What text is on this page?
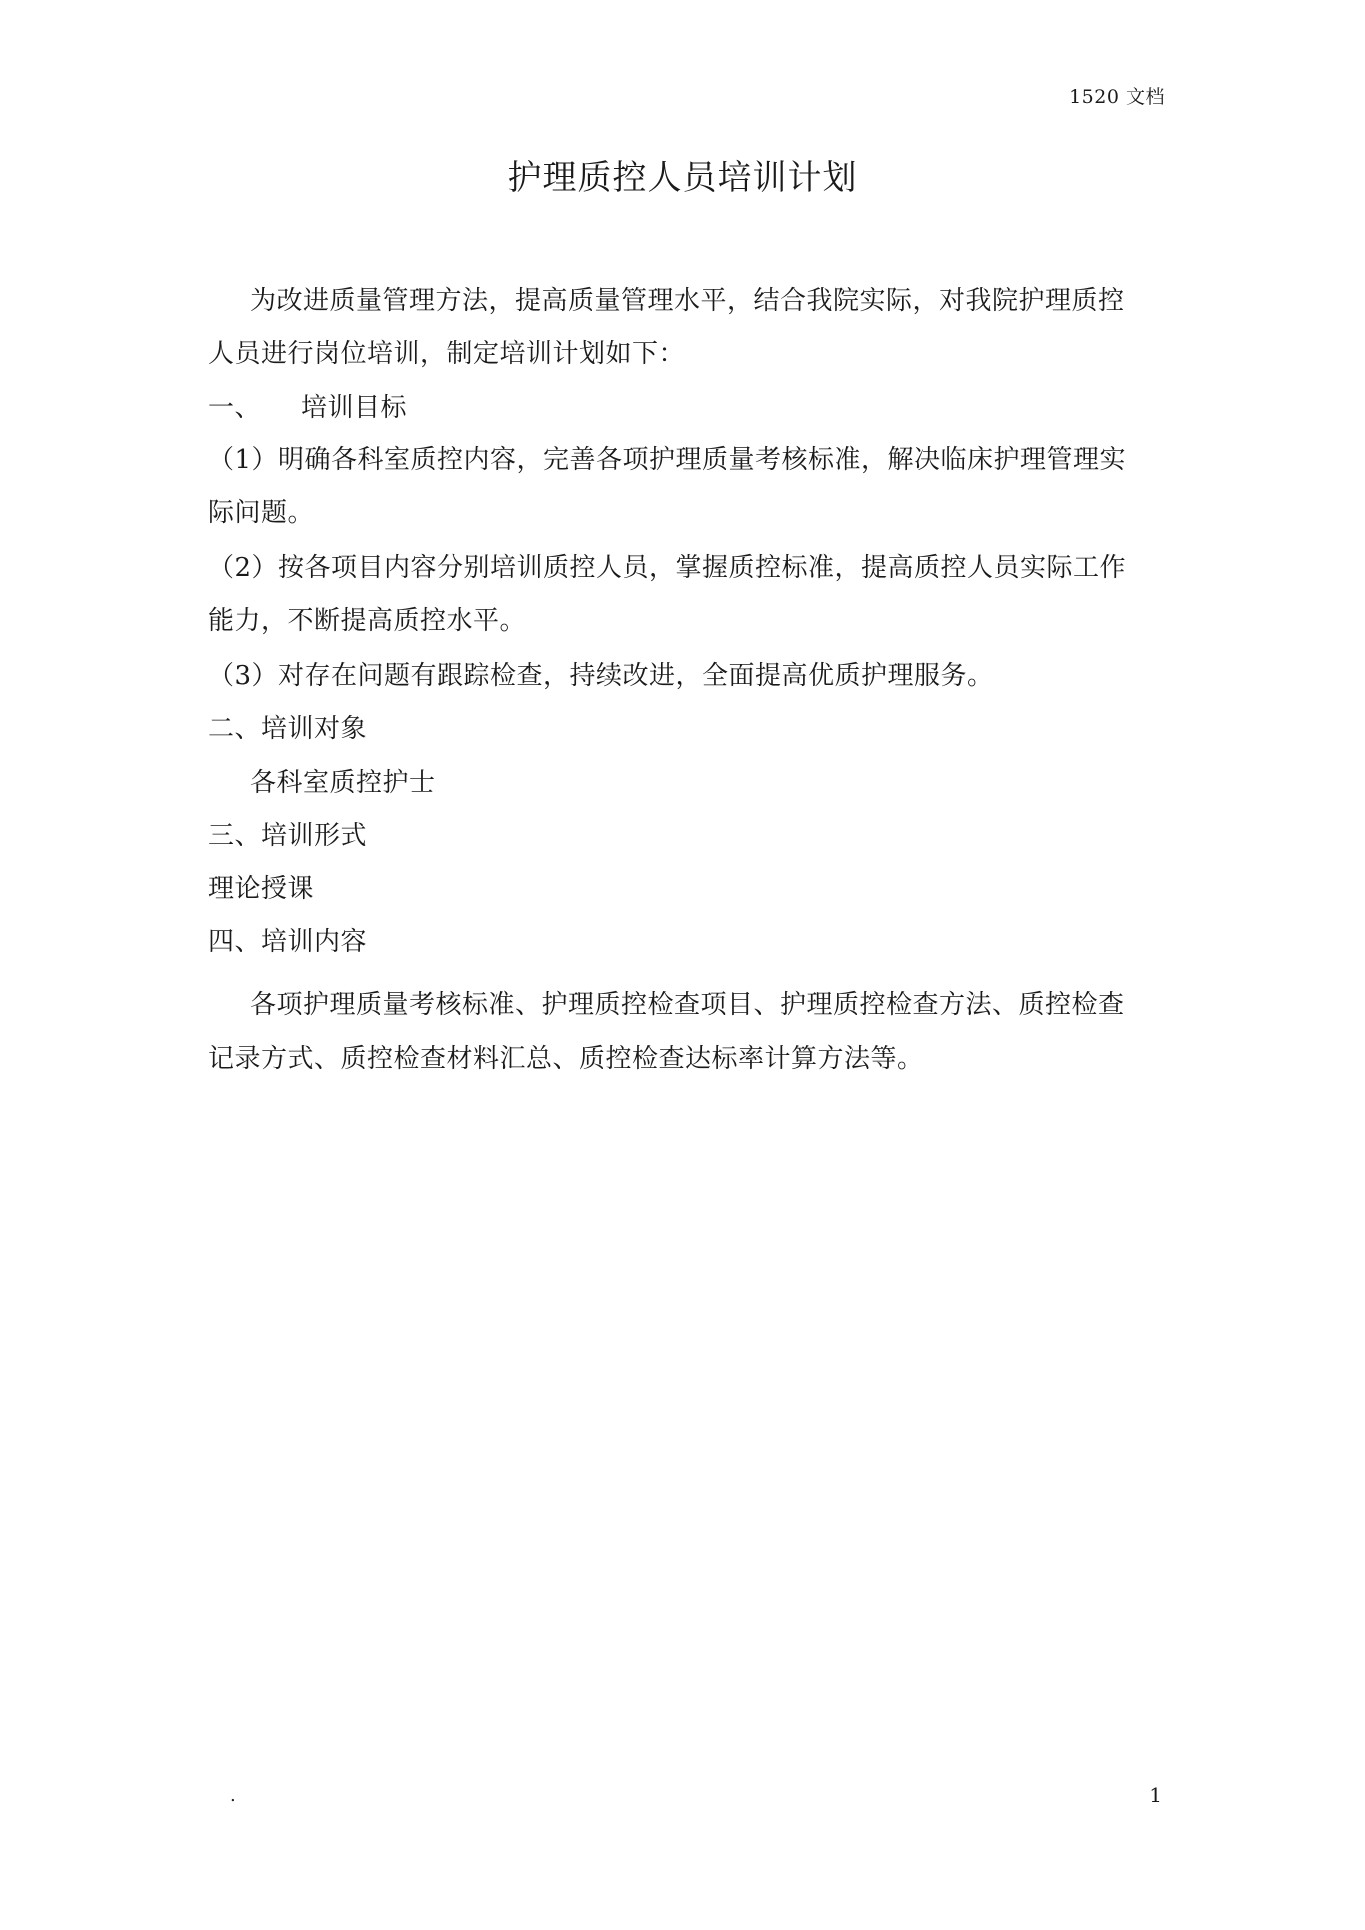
1520 文档
护理质控人员培训计划
为改进质量管理方法，提高质量管理水平，结合我院实际，对我院护理质控
人员进行岗位培训，制定培训计划如下：
一、 培训目标
（1）明确各科室质控内容，完善各项护理质量考核标准，解决临床护理管理实
际问题。
（2）按各项目内容分别培训质控人员，掌握质控标准，提高质控人员实际工作
能力，不断提高质控水平。
（3）对存在问题有跟踪检查，持续改进，全面提高优质护理服务。
二、培训对象
各科室质控护士
三、培训形式
理论授课
四、培训内容
各项护理质量考核标准、护理质控检查项目、护理质控检查方法、质控检查
记录方式、质控检查材料汇总、质控检查达标率计算方法等。
.	1
